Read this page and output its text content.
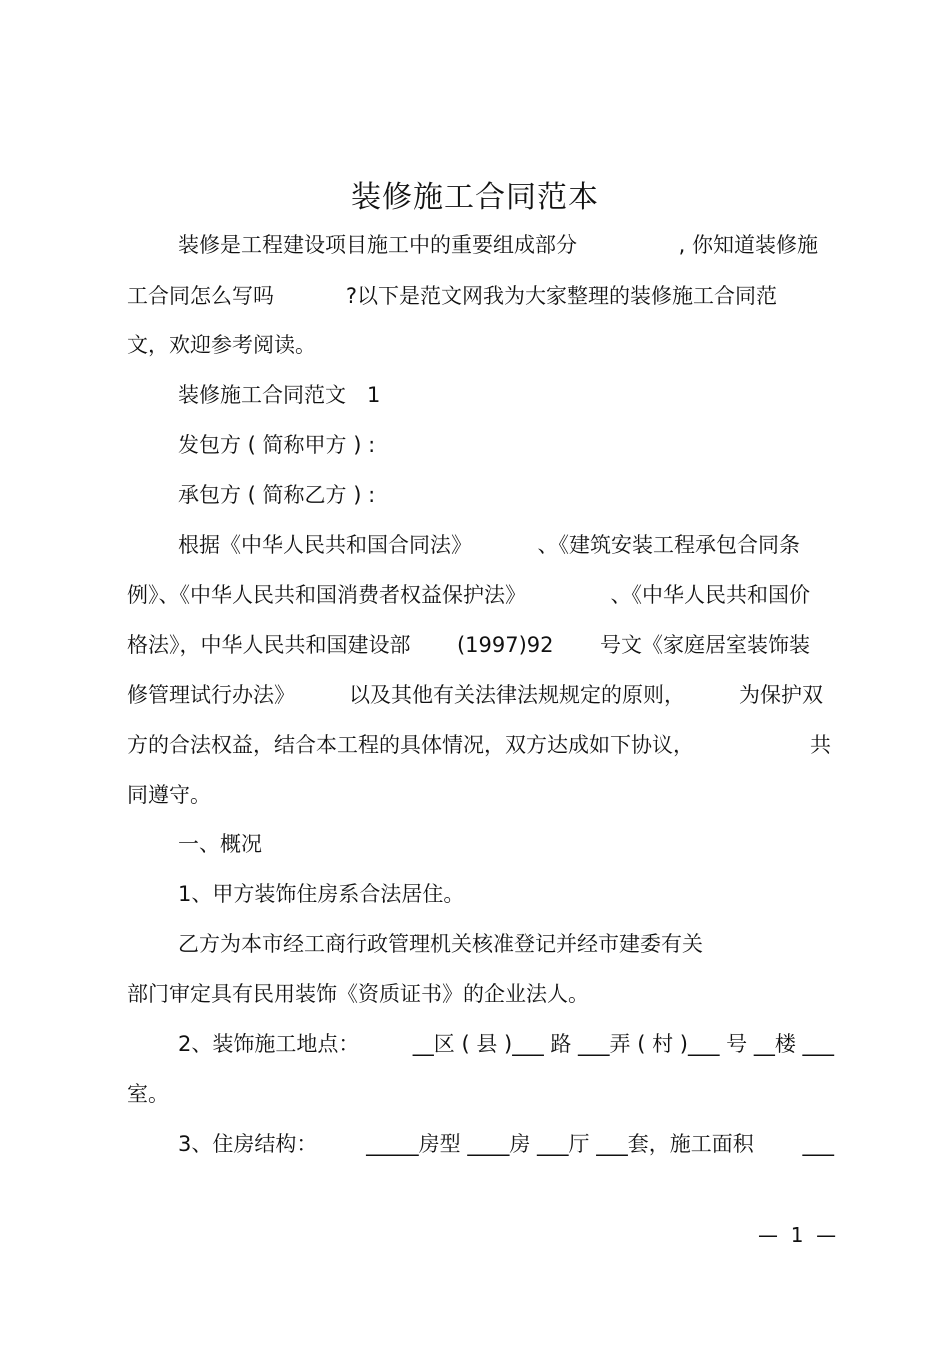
装修施工合同范本
装修是工程建设项目施工中的重要组成部分	, 你知道装修施
工合同怎么写吗	?以下是范文网我为大家整理的装修施工合同范
文，欢迎参考阅读。
装修施工合同范文　1
发包方 ( 简称甲方 ) :
承包方 ( 简称乙方 ) :
根据《中华人民共和国合同法》	、《建筑安装工程承包合同条
例》、《中华人民共和国消费者权益保护法》	、《中华人民共和国价
格法》，中华人民共和国建设部 (1997)92 号文《家庭居室装饰装
修管理试行办法》	以及其他有关法律法规规定的原则，	为保护双
方的合法权益，结合本工程的具体情况，双方达成如下协议，	共
同遵守。
一、概况
1、甲方装饰住房系合法居住。
乙方为本市经工商行政管理机关核准登记并经市建委有关
部门审定具有民用装饰《资质证书》的企业法人。
2、装饰施工地点：	__区 ( 县 )___ 路 ___弄 ( 村 )___ 号 __楼 ___
室。
3、住房结构： _____房型 ____房 ___厅 ___套，施工面积 ___
—  1  —
